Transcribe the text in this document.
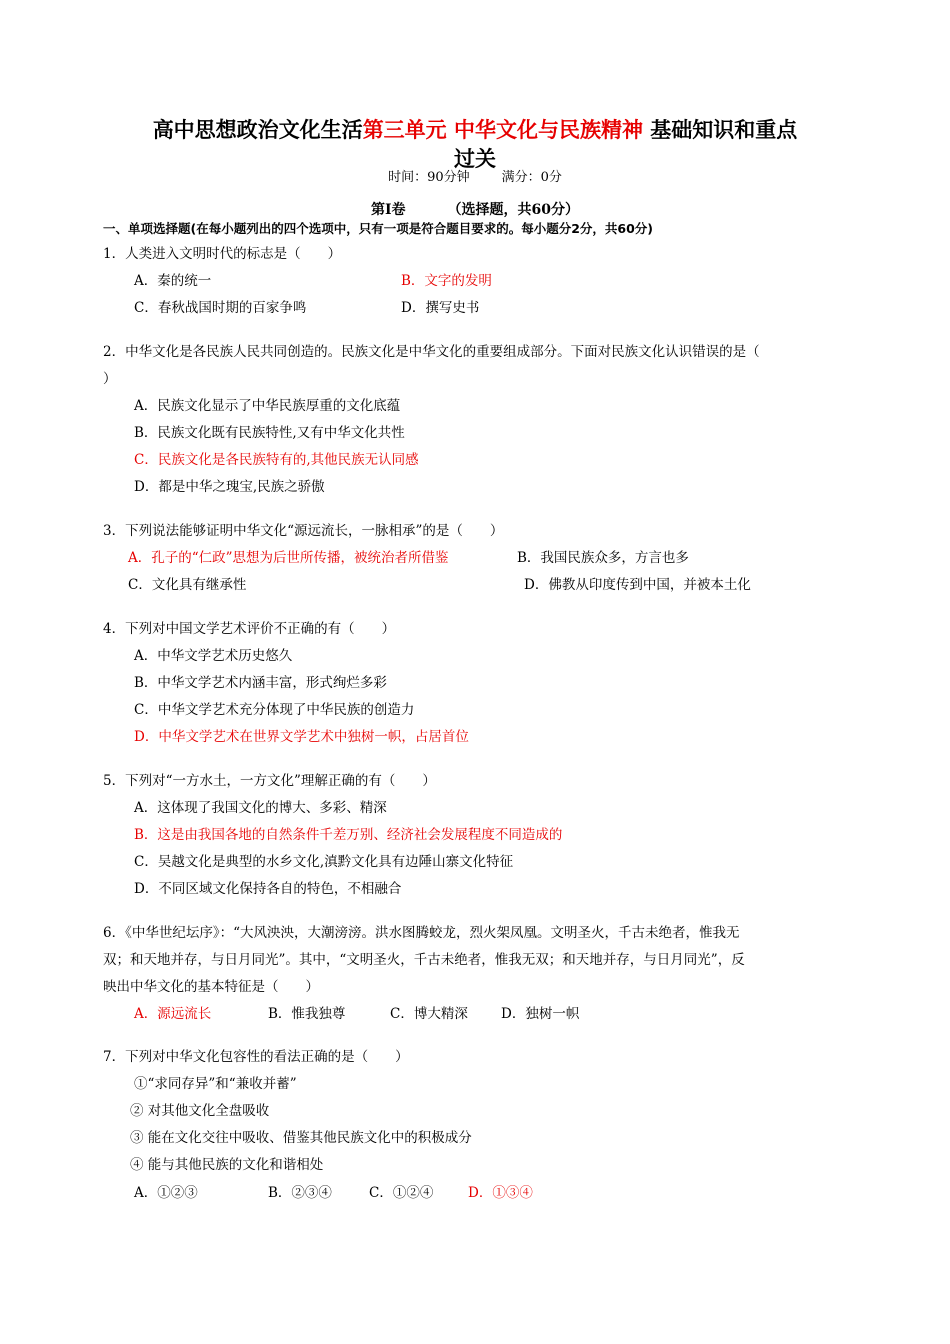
高中思想政治文化生活第三单元 中华文化与民族精神 基础知识和重点
过关
时间：90分钟 满分：0分
第Ⅰ卷	（选择题，共60分）
一、单项选择题(在每小题列出的四个选项中，只有一项是符合题目要求的。每小题分2分，共60分)
1．人类进入文明时代的标志是（　　）
A．秦的统一	B．文字的发明
C．春秋战国时期的百家争鸣	D．撰写史书
2．中华文化是各民族人民共同创造的。民族文化是中华文化的重要组成部分。下面对民族文化认识错误的是（
）
A．民族文化显示了中华民族厚重的文化底蕴
B．民族文化既有民族特性,又有中华文化共性
C．民族文化是各民族特有的,其他民族无认同感
D．都是中华之瑰宝,民族之骄傲
3．下列说法能够证明中华文化“源远流长，一脉相承”的是（　　）
A．孔子的“仁政”思想为后世所传播，被统治者所借鉴	B．我国民族众多，方言也多
C．文化具有继承性	D．佛教从印度传到中国，并被本土化
4．下列对中国文学艺术评价不正确的有（　　）
A．中华文学艺术历史悠久
B．中华文学艺术内涵丰富，形式绚烂多彩
C．中华文学艺术充分体现了中华民族的创造力
D．中华文学艺术在世界文学艺术中独树一帜，占居首位
5．下列对“一方水土，一方文化”理解正确的有（　　）
A．这体现了我国文化的博大、多彩、精深
B．这是由我国各地的自然条件千差万别、经济社会发展程度不同造成的
C．吴越文化是典型的水乡文化,滇黔文化具有边陲山寨文化特征
D．不同区域文化保持各自的特色，不相融合
6．《中华世纪坛序》：“大风泱泱，大潮滂滂。洪水图腾蛟龙，烈火架凤凰。文明圣火，千古未绝者，惟我无
双；和天地并存，与日月同光”。其中，“文明圣火，千古未绝者，惟我无双；和天地并存，与日月同光”，反
映出中华文化的基本特征是（　　）
A．源远流长	B．惟我独尊	C．博大精深 D．独树一帜
7．下列对中华文化包容性的看法正确的是（　　）
①“求同存异”和“兼收并蓄”
② 对其他文化全盘吸收
③ 能在文化交往中吸收、借鉴其他民族文化中的积极成分
④ 能与其他民族的文化和谐相处
A．①②③	B．②③④	C．①②④	D．①③④
